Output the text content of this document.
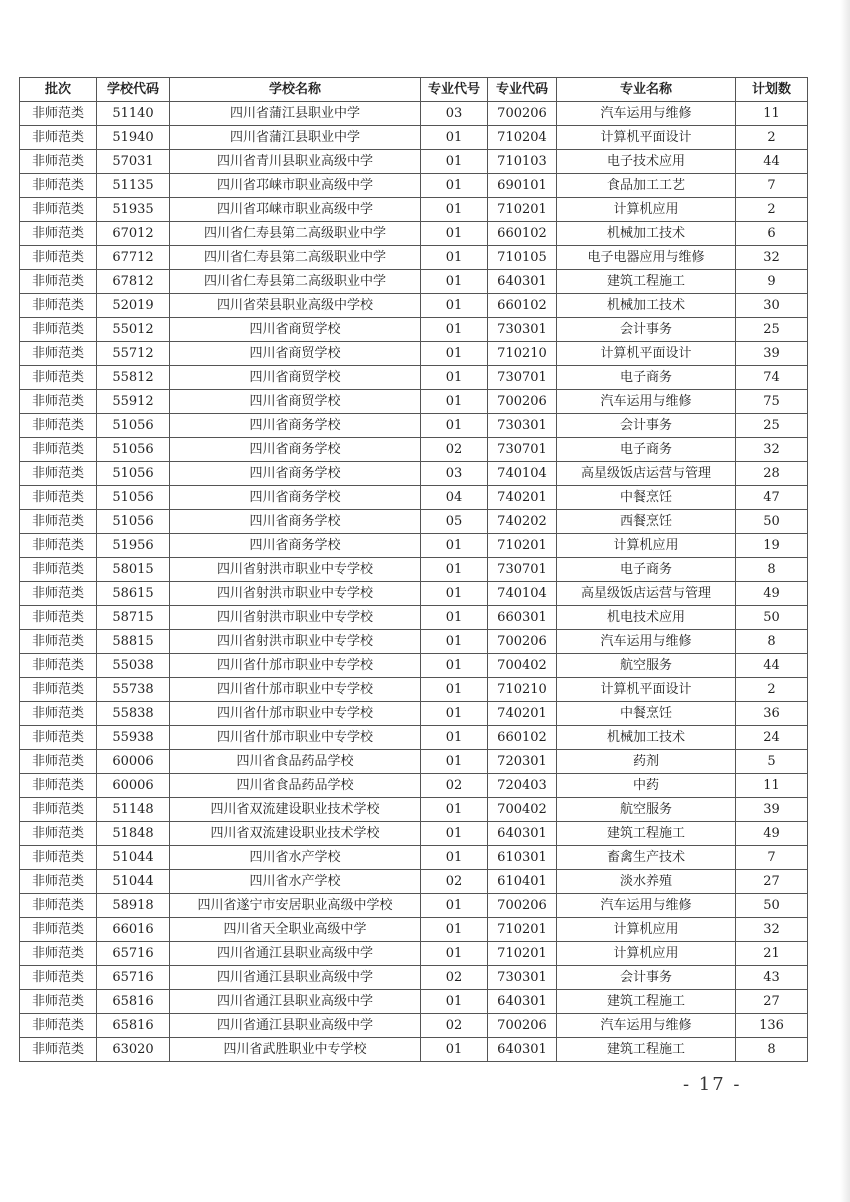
批次	学校代码	学校名称	专业代号	专业代码	专业名称	计划数
非师范类	51140	四川省蒲江县职业中学	03	700206	汽车运用与维修	11
非师范类	51940	四川省蒲江县职业中学	01	710204	计算机平面设计	2
非师范类	57031	四川省青川县职业高级中学	01	710103	电子技术应用	44
非师范类	51135	四川省邛崃市职业高级中学	01	690101	食品加工工艺	7
非师范类	51935	四川省邛崃市职业高级中学	01	710201	计算机应用	2
非师范类	67012	四川省仁寿县第二高级职业中学	01	660102	机械加工技术	6
非师范类	67712	四川省仁寿县第二高级职业中学	01	710105	电子电器应用与维修	32
非师范类	67812	四川省仁寿县第二高级职业中学	01	640301	建筑工程施工	9
非师范类	52019	四川省荣县职业高级中学校	01	660102	机械加工技术	30
非师范类	55012	四川省商贸学校	01	730301	会计事务	25
非师范类	55712	四川省商贸学校	01	710210	计算机平面设计	39
非师范类	55812	四川省商贸学校	01	730701	电子商务	74
非师范类	55912	四川省商贸学校	01	700206	汽车运用与维修	75
非师范类	51056	四川省商务学校	01	730301	会计事务	25
非师范类	51056	四川省商务学校	02	730701	电子商务	32
非师范类	51056	四川省商务学校	03	740104	高星级饭店运营与管理	28
非师范类	51056	四川省商务学校	04	740201	中餐烹饪	47
非师范类	51056	四川省商务学校	05	740202	西餐烹饪	50
非师范类	51956	四川省商务学校	01	710201	计算机应用	19
非师范类	58015	四川省射洪市职业中专学校	01	730701	电子商务	8
非师范类	58615	四川省射洪市职业中专学校	01	740104	高星级饭店运营与管理	49
非师范类	58715	四川省射洪市职业中专学校	01	660301	机电技术应用	50
非师范类	58815	四川省射洪市职业中专学校	01	700206	汽车运用与维修	8
非师范类	55038	四川省什邡市职业中专学校	01	700402	航空服务	44
非师范类	55738	四川省什邡市职业中专学校	01	710210	计算机平面设计	2
非师范类	55838	四川省什邡市职业中专学校	01	740201	中餐烹饪	36
非师范类	55938	四川省什邡市职业中专学校	01	660102	机械加工技术	24
非师范类	60006	四川省食品药品学校	01	720301	药剂	5
非师范类	60006	四川省食品药品学校	02	720403	中药	11
非师范类	51148	四川省双流建设职业技术学校	01	700402	航空服务	39
非师范类	51848	四川省双流建设职业技术学校	01	640301	建筑工程施工	49
非师范类	51044	四川省水产学校	01	610301	畜禽生产技术	7
非师范类	51044	四川省水产学校	02	610401	淡水养殖	27
非师范类	58918	四川省遂宁市安居职业高级中学校	01	700206	汽车运用与维修	50
非师范类	66016	四川省天全职业高级中学	01	710201	计算机应用	32
非师范类	65716	四川省通江县职业高级中学	01	710201	计算机应用	21
非师范类	65716	四川省通江县职业高级中学	02	730301	会计事务	43
非师范类	65816	四川省通江县职业高级中学	01	640301	建筑工程施工	27
非师范类	65816	四川省通江县职业高级中学	02	700206	汽车运用与维修	136
非师范类	63020	四川省武胜职业中专学校	01	640301	建筑工程施工	8
- 17 -
